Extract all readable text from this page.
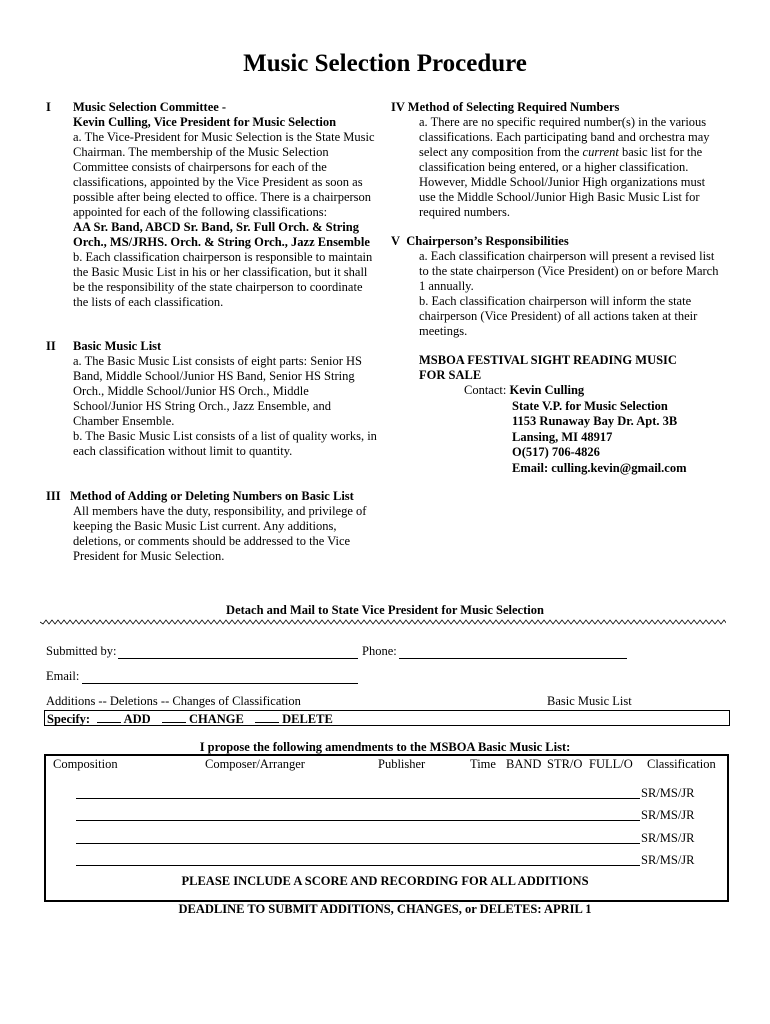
Music Selection Procedure
I Music Selection Committee -
Kevin Culling, Vice President for Music Selection
a. The Vice-President for Music Selection is the State Music Chairman. The membership of the Music Selection Committee consists of chairpersons for each of the classifications, appointed by the Vice President as soon as possible after being elected to office. There is a chairperson appointed for each of the following classifications:
AA Sr. Band, ABCD Sr. Band, Sr. Full Orch. & String Orch., MS/JRHS. Orch. & String Orch., Jazz Ensemble
b. Each classification chairperson is responsible to maintain the Basic Music List in his or her classification, but it shall be the responsibility of the state chairperson to coordinate the lists of each classification.
II Basic Music List
a. The Basic Music List consists of eight parts: Senior HS Band, Middle School/Junior HS Band, Senior HS String Orch., Middle School/Junior HS Orch., Middle School/Junior HS String Orch., Jazz Ensemble, and Chamber Ensemble.
b. The Basic Music List consists of a list of quality works, in each classification without limit to quantity.
III Method of Adding or Deleting Numbers on Basic List
All members have the duty, responsibility, and privilege of keeping the Basic Music List current. Any additions, deletions, or comments should be addressed to the Vice President for Music Selection.
IV Method of Selecting Required Numbers
a. There are no specific required number(s) in the various classifications. Each participating band and orchestra may select any composition from the current basic list for the classification being entered, or a higher classification. However, Middle School/Junior High organizations must use the Middle School/Junior High Basic Music List for required numbers.
V Chairperson’s Responsibilities
a. Each classification chairperson will present a revised list to the state chairperson (Vice President) on or before March 1 annually.
b. Each classification chairperson will inform the state chairperson (Vice President) of all actions taken at their meetings.
MSBOA FESTIVAL SIGHT READING MUSIC
FOR SALE
Contact: Kevin Culling
State V.P. for Music Selection
1153 Runaway Bay Dr. Apt. 3B
Lansing, MI 48917
O(517) 706-4826
Email: culling.kevin@gmail.com
Detach and Mail to State Vice President for Music Selection
Submitted by:	Phone:
Email:
Additions -- Deletions -- Changes of Classification	Basic Music List
Specify:	ADD	CHANGE	DELETE
I propose the following amendments to the MSBOA Basic Music List:
Composition	Composer/Arranger	Publisher	Time BAND STR/O FULL/O Classification
SR/MS/JR
SR/MS/JR
SR/MS/JR
SR/MS/JR
PLEASE INCLUDE A SCORE AND RECORDING FOR ALL ADDITIONS
DEADLINE TO SUBMIT ADDITIONS, CHANGES, or DELETES: APRIL 1
